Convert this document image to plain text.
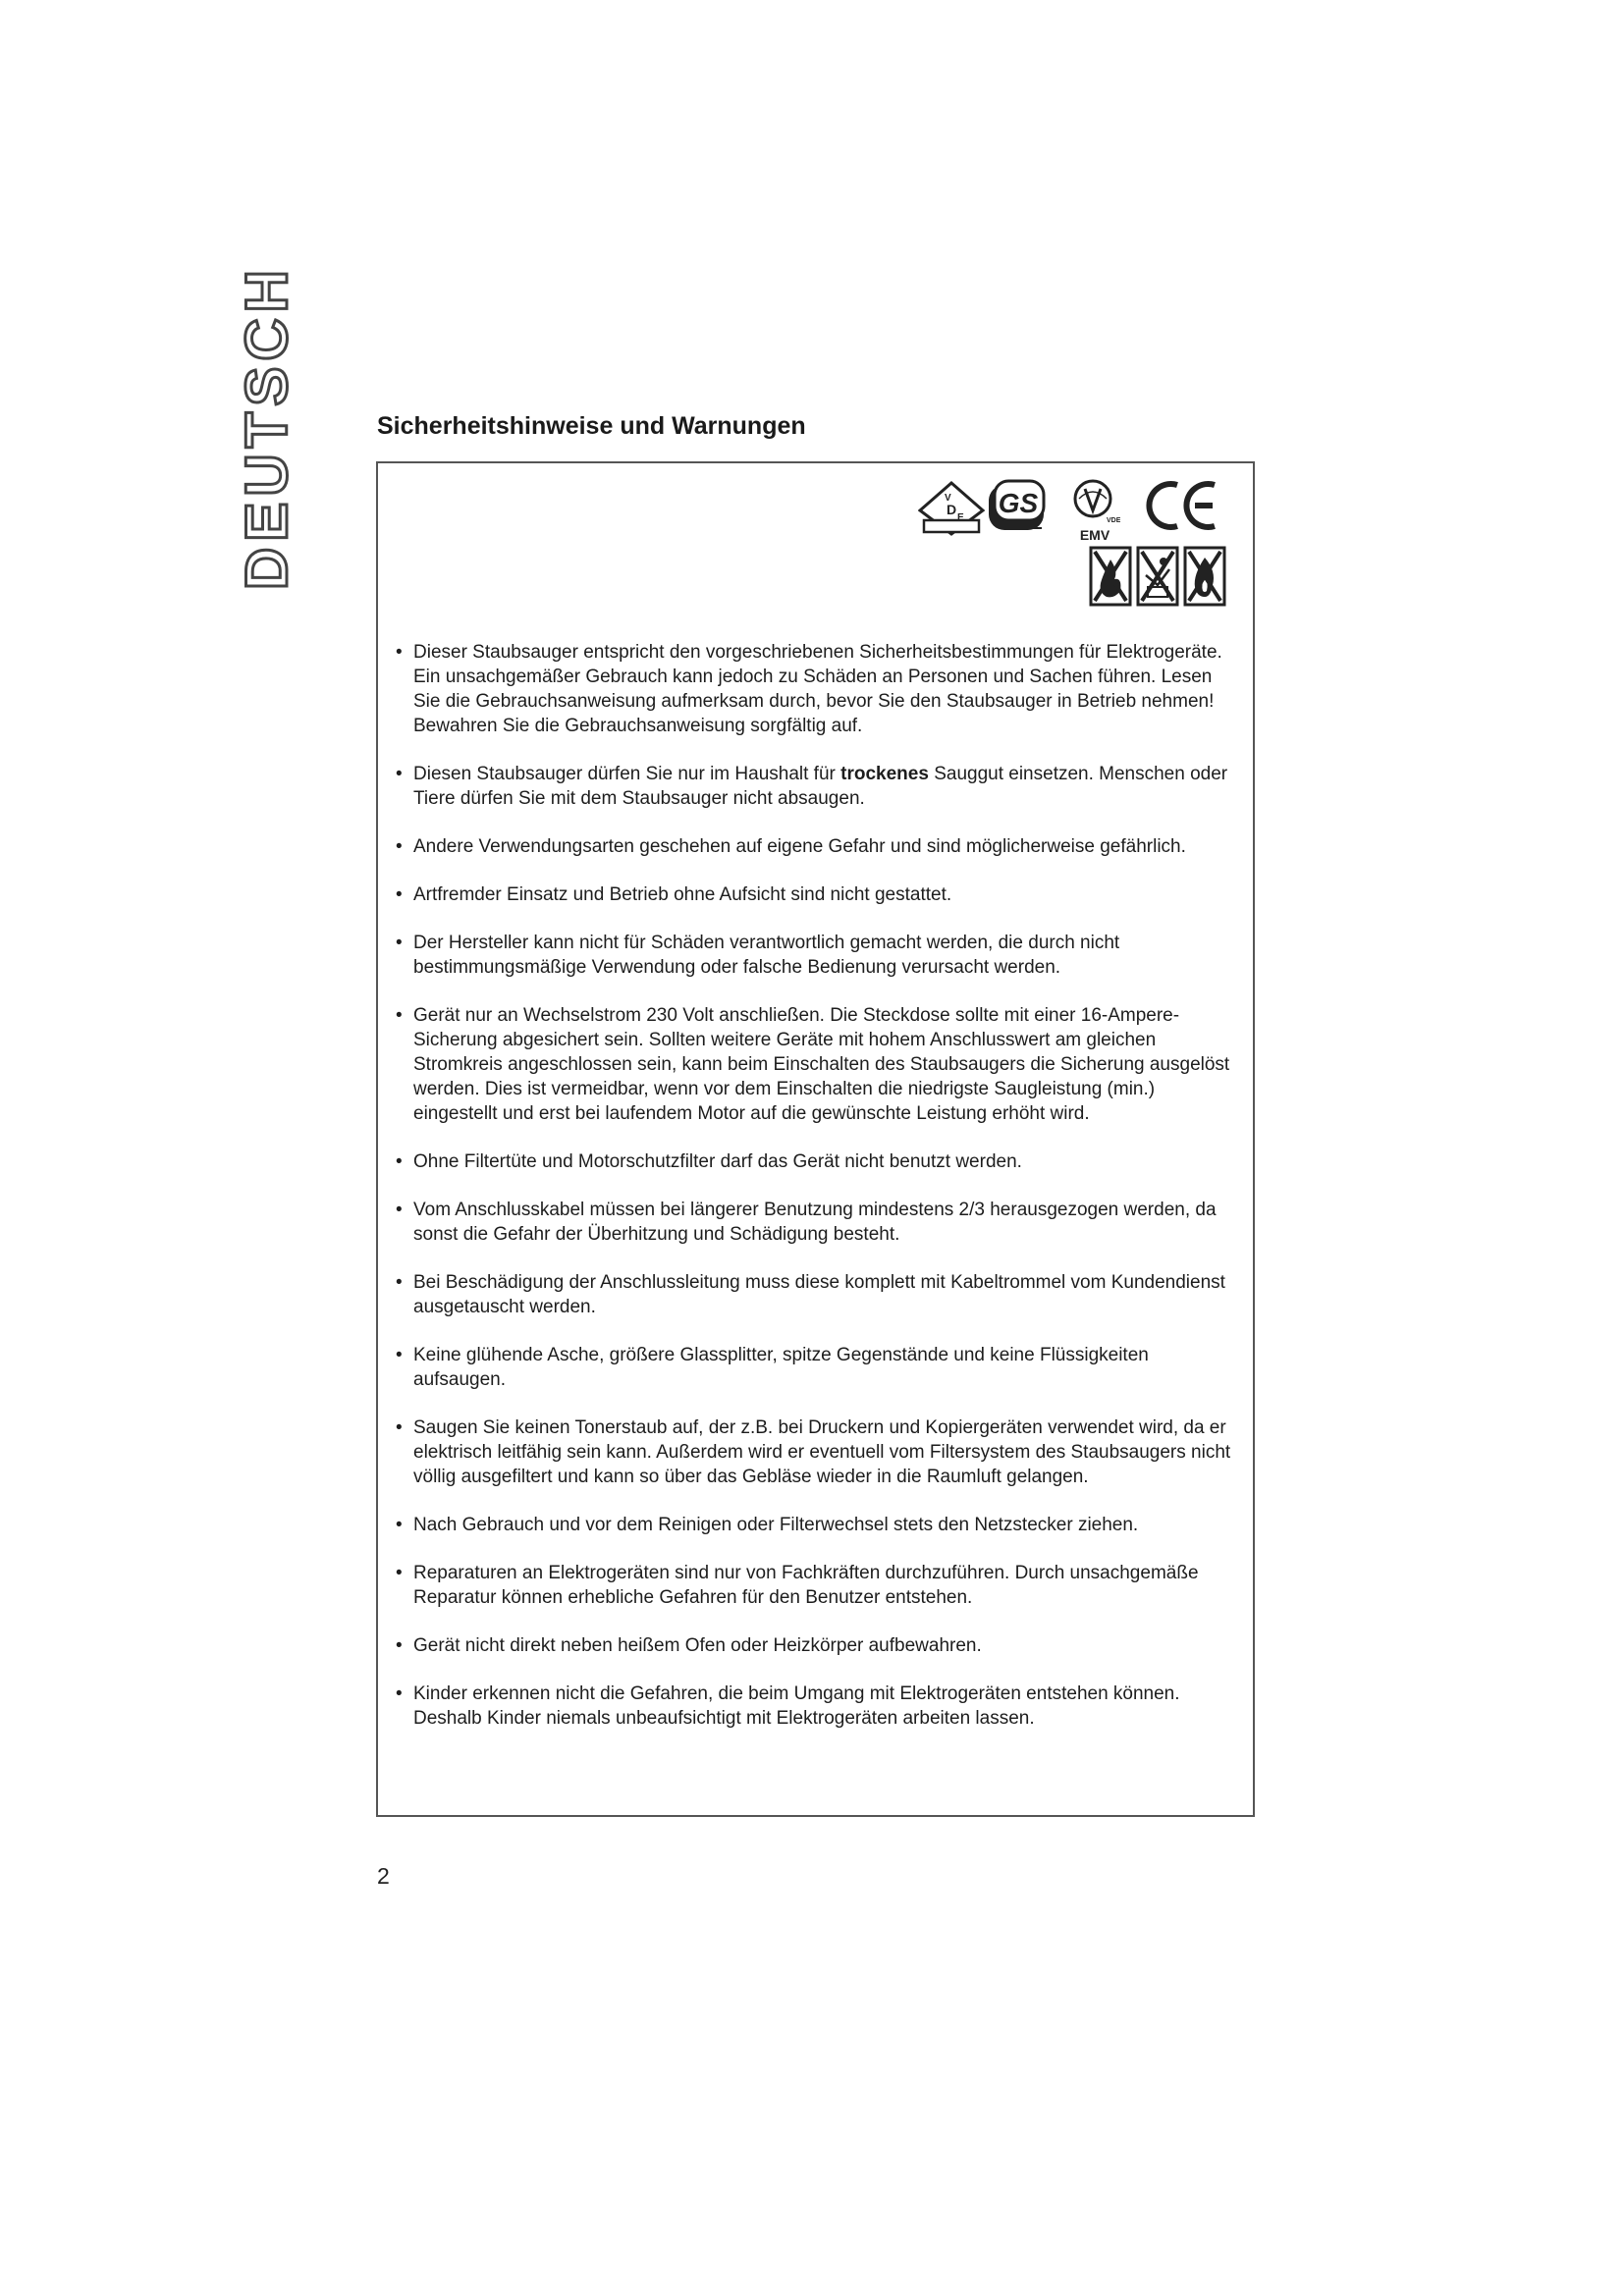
DEUTSCH	Sicherheitshinweise und Warnungen
D
V
E GS
VDE
EMV
• Dieser Staubsauger entspricht den vorgeschriebenen Sicherheitsbestimmungen für Elektrogeräte. Ein unsachgemäßer Gebrauch kann jedoch zu Schäden an Personen und Sachen führen. Lesen Sie die Gebrauchsanweisung aufmerksam durch, bevor Sie den Staubsauger in Betrieb nehmen! Bewahren Sie die Gebrauchsanweisung sorgfältig auf.
• Diesen Staubsauger dürfen Sie nur im Haushalt für trockenes Sauggut einsetzen. Menschen oder Tiere dürfen Sie mit dem Staubsauger nicht absaugen.
• Andere Verwendungsarten geschehen auf eigene Gefahr und sind möglicherweise gefährlich.
• Artfremder Einsatz und Betrieb ohne Aufsicht sind nicht gestattet.
• Der Hersteller kann nicht für Schäden verantwortlich gemacht werden, die durch nicht bestimmungsmäßige Verwendung oder falsche Bedienung verursacht werden.
• Gerät nur an Wechselstrom 230 Volt anschließen. Die Steckdose sollte mit einer 16-Ampere-Sicherung abgesichert sein. Sollten weitere Geräte mit hohem Anschlusswert am gleichen Stromkreis angeschlossen sein, kann beim Einschalten des Staubsaugers die Sicherung ausgelöst werden. Dies ist vermeidbar, wenn vor dem Einschalten die niedrigste Saugleistung (min.) eingestellt und erst bei laufendem Motor auf die gewünschte Leistung erhöht wird.
• Ohne Filtertüte und Motorschutzfilter darf das Gerät nicht benutzt werden.
• Vom Anschlusskabel müssen bei längerer Benutzung mindestens 2/3 herausgezogen werden, da sonst die Gefahr der Überhitzung und Schädigung besteht.
• Bei Beschädigung der Anschlussleitung muss diese komplett mit Kabeltrommel vom Kundendienst ausgetauscht werden.
• Keine glühende Asche, größere Glassplitter, spitze Gegenstände und keine Flüssigkeiten aufsaugen.
• Saugen Sie keinen Tonerstaub auf, der z.B. bei Druckern und Kopiergeräten verwendet wird, da er elektrisch leitfähig sein kann. Außerdem wird er eventuell vom Filtersystem des Staubsaugers nicht völlig ausgefiltert und kann so über das Gebläse wieder in die Raumluft gelangen.
• Nach Gebrauch und vor dem Reinigen oder Filterwechsel stets den Netzstecker ziehen.
• Reparaturen an Elektrogeräten sind nur von Fachkräften durchzuführen. Durch unsachgemäße Reparatur können erhebliche Gefahren für den Benutzer entstehen.
• Gerät nicht direkt neben heißem Ofen oder Heizkörper aufbewahren.
• Kinder erkennen nicht die Gefahren, die beim Umgang mit Elektrogeräten entstehen können. Deshalb Kinder niemals unbeaufsichtigt mit Elektrogeräten arbeiten lassen.
2
